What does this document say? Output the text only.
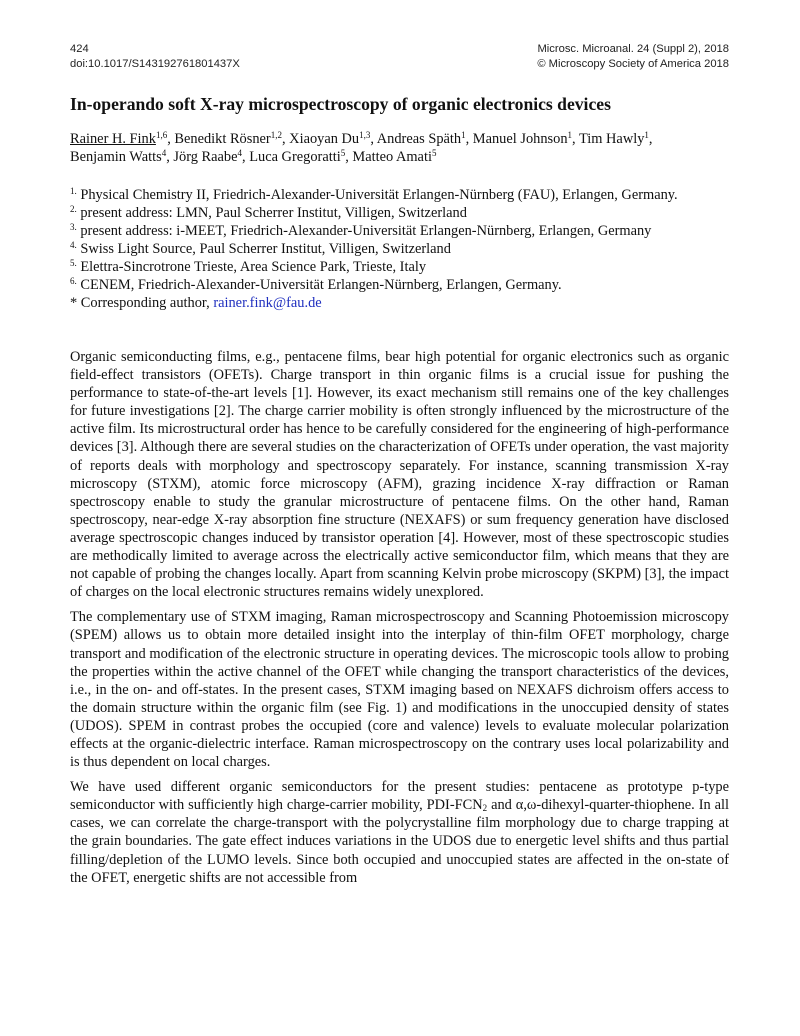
424
doi:10.1017/S143192761801437X
Microsc. Microanal. 24 (Suppl 2), 2018
© Microscopy Society of America 2018
In-operando soft X-ray microspectroscopy of organic electronics devices
Rainer H. Fink$^{1,6}$, Benedikt Rösner$^{1,2}$, Xiaoyan Du$^{1,3}$, Andreas Späth$^1$, Manuel Johnson$^1$, Tim Hawly$^1$,
Benjamin Watts$^4$, Jörg Raabe$^4$, Luca Gregoratti$^5$, Matteo Amati$^5$
$^{1.}$ Physical Chemistry II, Friedrich-Alexander-Universität Erlangen-Nürnberg (FAU), Erlangen, Germany.
$^{2.}$ present address: LMN, Paul Scherrer Institut, Villigen, Switzerland
$^{3.}$ present address: i-MEET, Friedrich-Alexander-Universität Erlangen-Nürnberg, Erlangen, Germany
$^{4.}$ Swiss Light Source, Paul Scherrer Institut, Villigen, Switzerland
$^{5.}$ Elettra-Sincrotrone Trieste, Area Science Park, Trieste, Italy
$^{6.}$ CENEM, Friedrich-Alexander-Universität Erlangen-Nürnberg, Erlangen, Germany.
* Corresponding author, rainer.fink@fau.de

Organic semiconducting films, e.g., pentacene films, bear high potential for organic electronics such as organic field-effect transistors (OFETs). Charge transport in thin organic films is a crucial issue for pushing the performance to state-of-the-art levels [1]. However, its exact mechanism still remains one of the key challenges for future investigations [2]. The charge carrier mobility is often strongly influenced by the microstructure of the active film. Its microstructural order has hence to be carefully considered for the engineering of high-performance devices [3]. Although there are several studies on the characterization of OFETs under operation, the vast majority of reports deals with morphology and spectroscopy separately. For instance, scanning transmission X-ray microscopy (STXM), atomic force microscopy (AFM), grazing incidence X-ray diffraction or Raman spectroscopy enable to study the granular microstructure of pentacene films. On the other hand, Raman spectroscopy, near-edge X-ray absorption fine structure (NEXAFS) or sum frequency generation have disclosed average spectroscopic changes induced by transistor operation [4]. However, most of these spectroscopic studies are methodically limited to average across the electrically active semiconductor film, which means that they are not capable of probing the changes locally. Apart from scanning Kelvin probe microscopy (SKPM) [3], the impact of charges on the local electronic structures remains widely unexplored.

The complementary use of STXM imaging, Raman microspectroscopy and Scanning Photoemission microscopy (SPEM) allows us to obtain more detailed insight into the interplay of thin-film OFET morphology, charge transport and modification of the electronic structure in operating devices. The microscopic tools allow to probing the properties within the active channel of the OFET while changing the transport characteristics of the devices, i.e., in the on- and off-states. In the present cases, STXM imaging based on NEXAFS dichroism offers access to the domain structure within the organic film (see Fig. 1) and modifications in the unoccupied density of states (UDOS). SPEM in contrast probes the occupied (core and valence) levels to evaluate molecular polarization effects at the organic-dielectric interface. Raman microspectroscopy on the contrary uses local polarizability and is thus dependent on local charges.

We have used different organic semiconductors for the present studies: pentacene as prototype p-type semiconductor with sufficiently high charge-carrier mobility, PDI-$FCN_2$ and α,ω-dihexyl-quarter-thiophene. In all cases, we can correlate the charge-transport with the polycrystalline film morphology due to charge trapping at the grain boundaries. The gate effect induces variations in the UDOS due to energetic level shifts and thus partial filling/depletion of the LUMO levels. Since both occupied and unoccupied states are affected in the on-state of the OFET, energetic shifts are not accessible from
